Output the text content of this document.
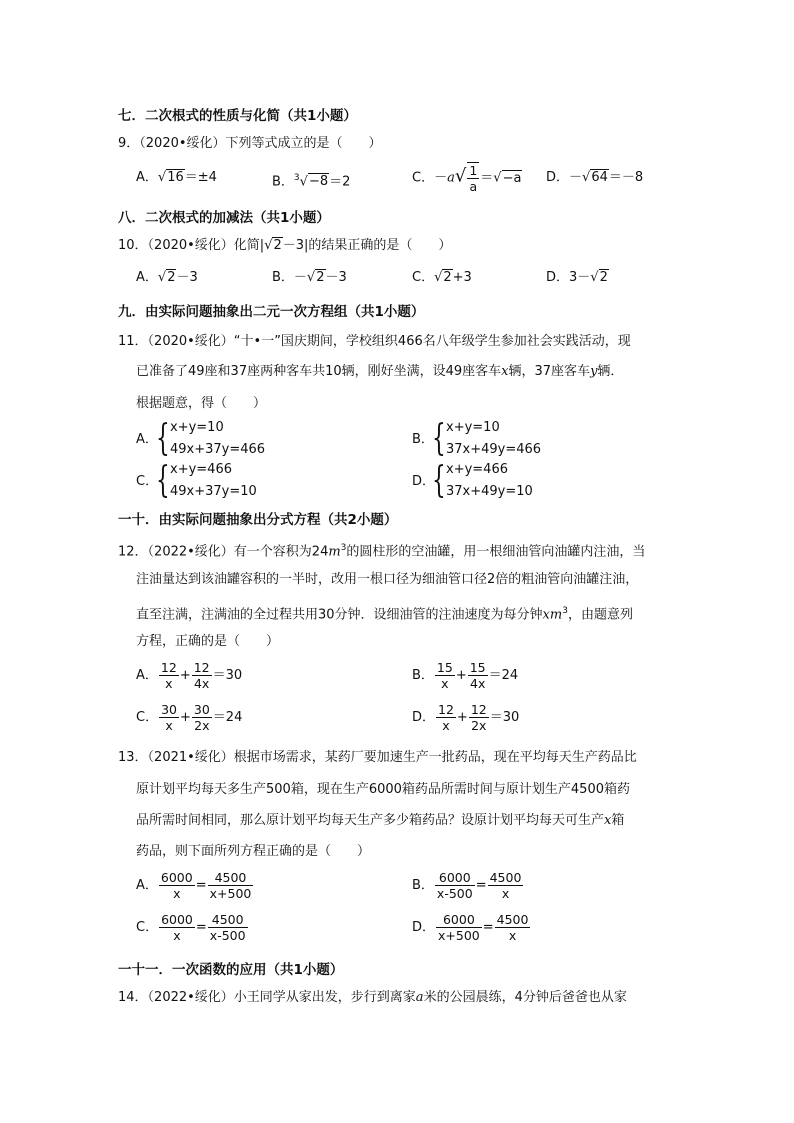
七．二次根式的性质与化简（共1小题）
9．（2020•绥化）下列等式成立的是（　　）
A．√16＝±4	B．$^3$√−8＝2	C．$-a√ \frac{1}{a} =√-a$ D．－√64＝－8
八．二次根式的加减法（共1小题）
10．（2020•绥化）化简|√2－3|的结果正确的是（　　）
A．√2－3	B．－√2－3	C．√2+3	D．3－√2
九．由实际问题抽象出二元一次方程组（共1小题）
11．（2020•绥化）“十•一”国庆期间，学校组织466名八年级学生参加社会实践活动，现
已准备了49座和37座两种客车共10辆，刚好坐满，设49座客车x辆，37座客车y辆．
根据题意，得（　　）
A．
{ x+y=10
49x+37y=466
B．
{ x+y=10
37x+49y=466
C．
{ x+y=466
49x+37y=10
D．
{ x+y=466
37x+49y=10
一十．由实际问题抽象出分式方程（共2小题）
12．（2022•绥化）有一个容积为$24m^3$的圆柱形的空油罐，用一根细油管向油罐内注油，当
注油量达到该油罐容积的一半时，改用一根口径为细油管口径2倍的粗油管向油罐注油，
直至注满，注满油的全过程共用30分钟．设细油管的注油速度为每分钟$xm^3$，由题意列
方程，正确的是（　　）
A． $\frac{12}{x} + \frac{12}{4x} =30$	B． $\frac{15}{x} + \frac{15}{4x} =24$
C． $\frac{30}{x} + \frac{30}{2x} =24$	D． $\frac{12}{x} + \frac{12}{2x} =30$
13．（2021•绥化）根据市场需求，某药厂要加速生产一批药品，现在平均每天生产药品比
原计划平均每天多生产500箱，现在生产6000箱药品所需时间与原计划生产4500箱药
品所需时间相同，那么原计划平均每天生产多少箱药品？设原计划平均每天可生产x箱
药品，则下面所列方程正确的是（　　）
A． $\frac{6000}{x} = \frac{4500}{x+500}$	B． $\frac{6000}{x-500} = \frac{4500}{x}$
C． $\frac{6000}{x} = \frac{4500}{x-500}$	D． $\frac{6000}{x+500} = \frac{4500}{x}$
一十一．一次函数的应用（共1小题）
14．（2022•绥化）小王同学从家出发，步行到离家a米的公园晨练，4分钟后爸爸也从家
